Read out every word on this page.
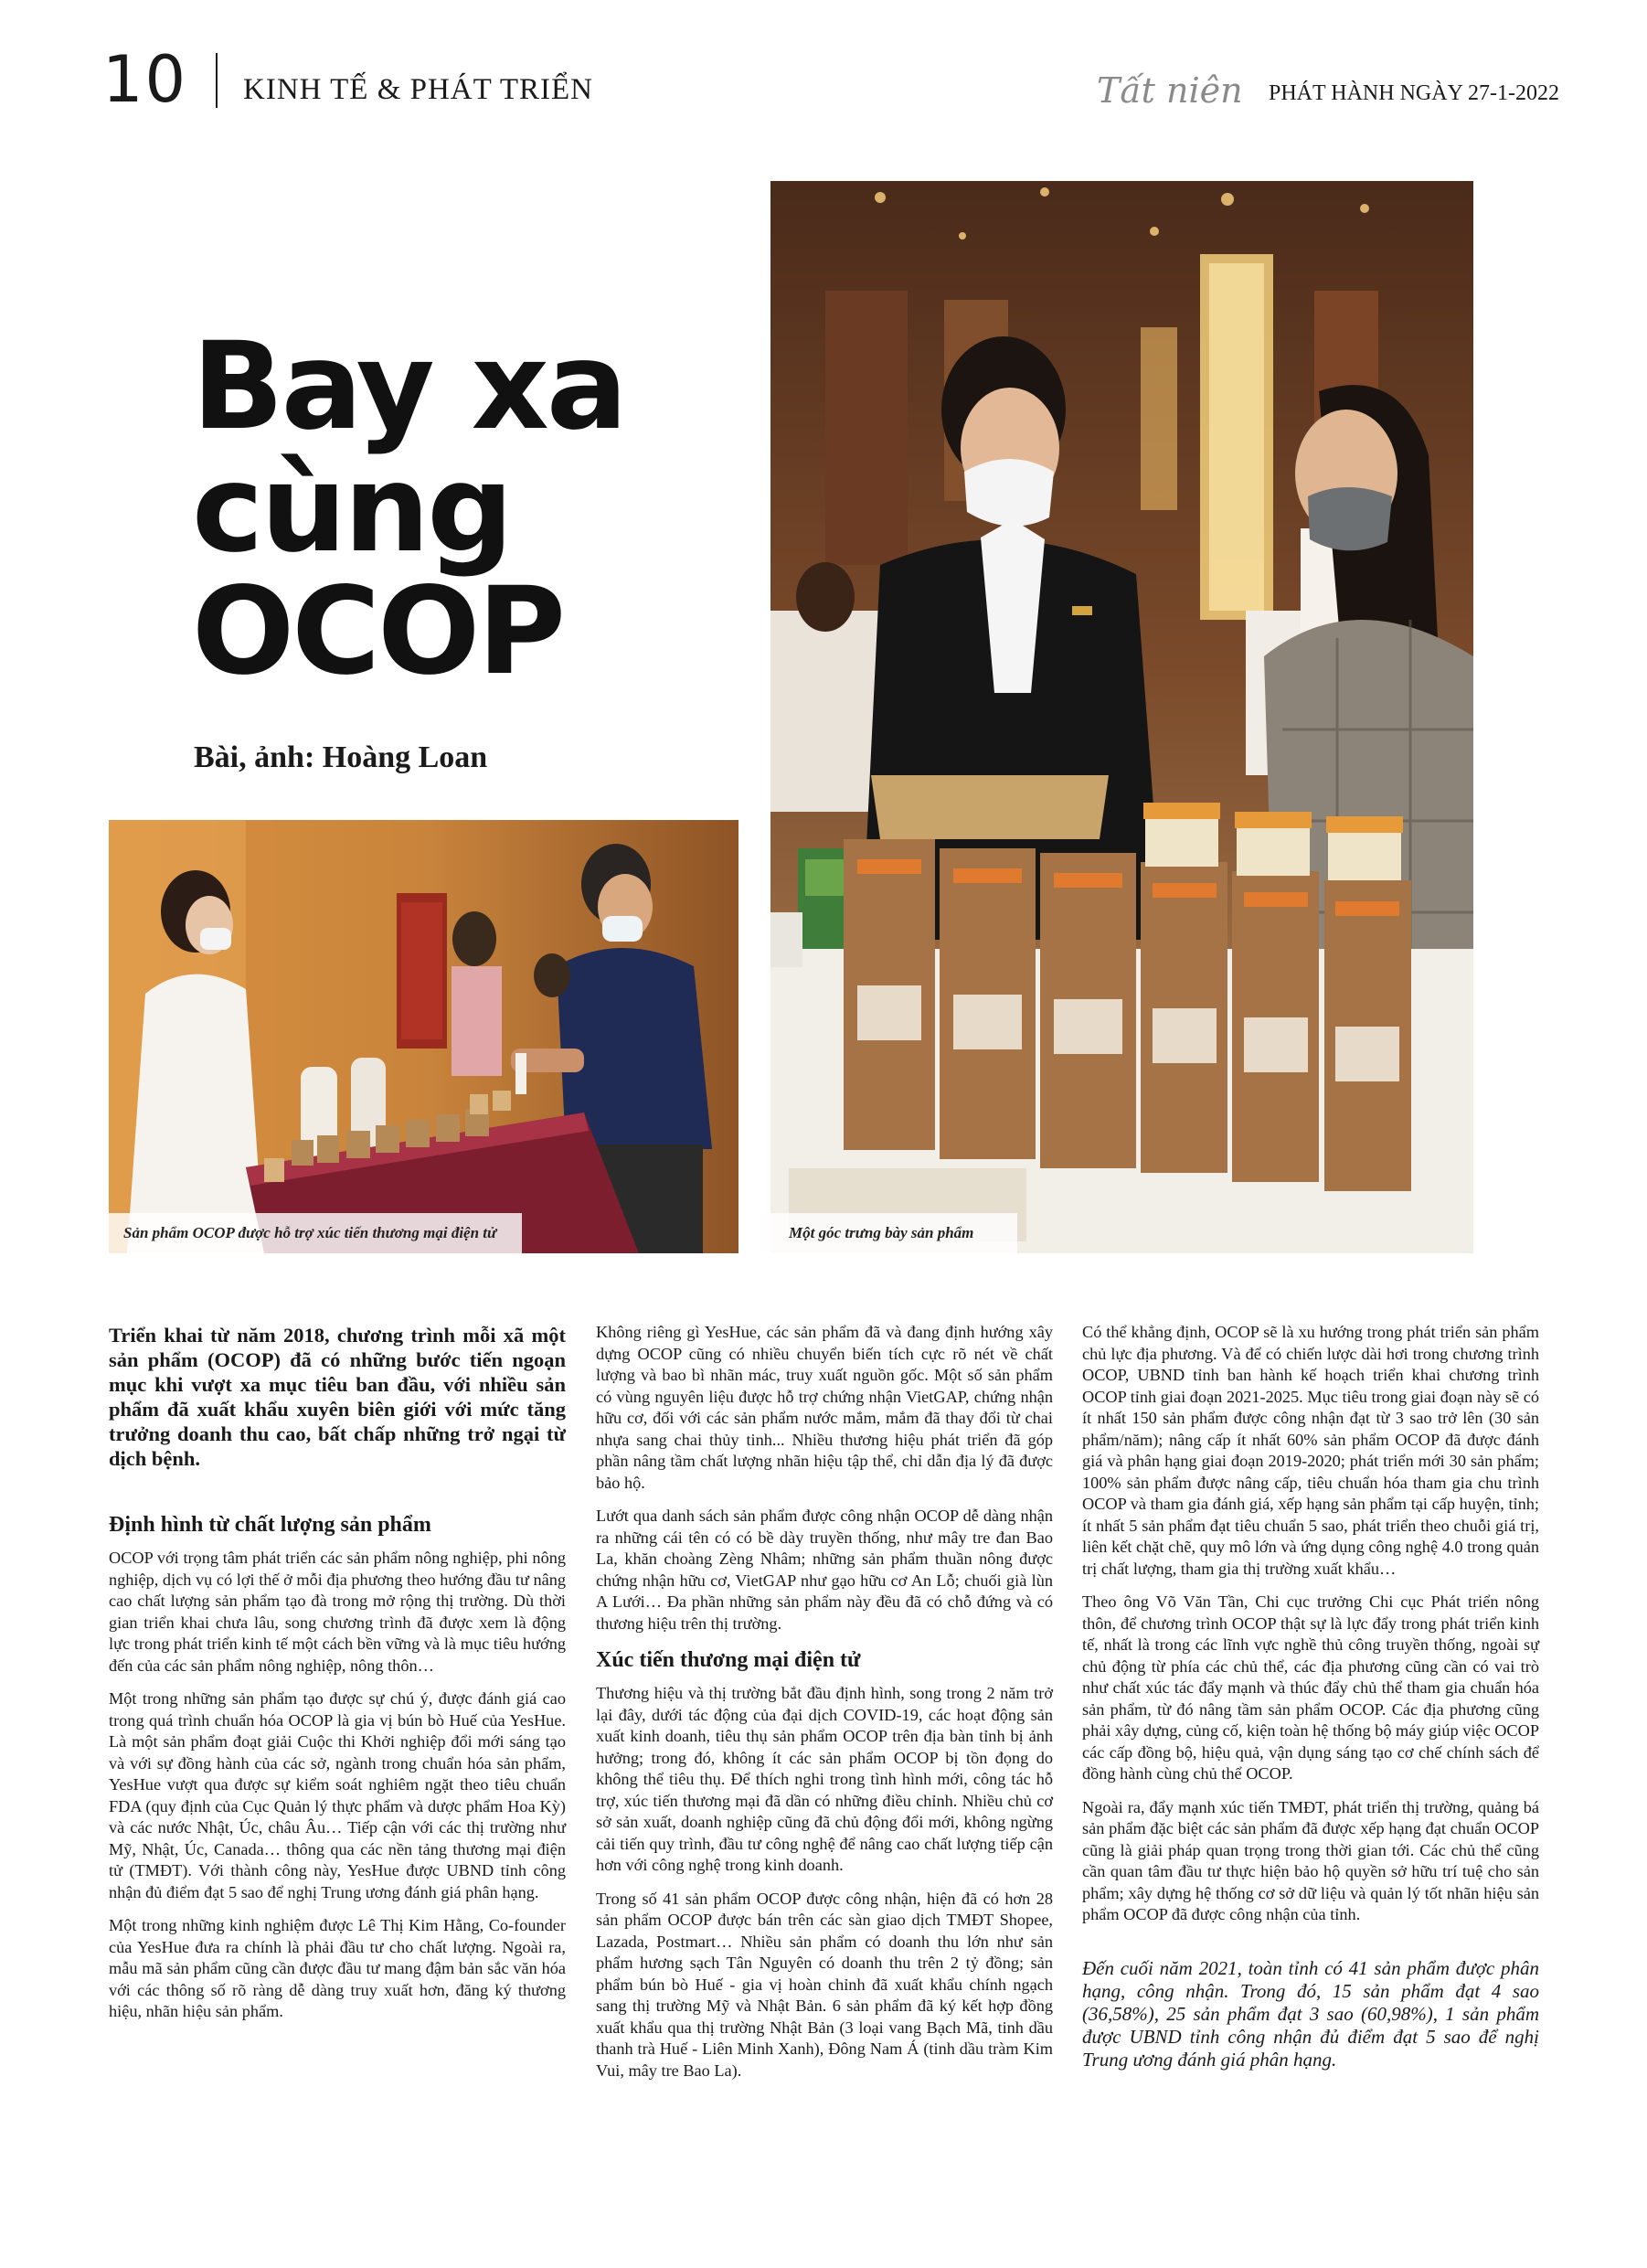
10 KINH TẾ & PHÁT TRIỂN	Tất niên PHÁT HÀNH NGÀY 27-1-2022
Bay xa
cùng
OCOP
Bài, ảnh: Hoàng Loan
Sản phẩm OCOP được hỗ trợ xúc tiến thương mại điện tử	Một góc trưng bày sản phẩm

Triển khai từ năm 2018, chương trình mỗi xã một sản phẩm (OCOP) đã có những bước tiến ngoạn mục khi vượt xa mục tiêu ban đầu, với nhiều sản phẩm đã xuất khẩu xuyên biên giới với mức tăng trưởng doanh thu cao, bất chấp những trở ngại từ dịch bệnh.

Định hình từ chất lượng sản phẩm

OCOP với trọng tâm phát triển các sản phẩm nông nghiệp, phi nông nghiệp, dịch vụ có lợi thế ở mỗi địa phương theo hướng đầu tư nâng cao chất lượng sản phẩm tạo đà trong mở rộng thị trường. Dù thời gian triển khai chưa lâu, song chương trình đã được xem là động lực trong phát triển kinh tế một cách bền vững và là mục tiêu hướng đến của các sản phẩm nông nghiệp, nông thôn…

Một trong những sản phẩm tạo được sự chú ý, được đánh giá cao trong quá trình chuẩn hóa OCOP là gia vị bún bò Huế của YesHue. Là một sản phẩm đoạt giải Cuộc thi Khởi nghiệp đổi mới sáng tạo và với sự đồng hành của các sở, ngành trong chuẩn hóa sản phẩm, YesHue vượt qua được sự kiểm soát nghiêm ngặt theo tiêu chuẩn FDA (quy định của Cục Quản lý thực phẩm và dược phẩm Hoa Kỳ) và các nước Nhật, Úc, châu Âu… Tiếp cận với các thị trường như Mỹ, Nhật, Úc, Canada… thông qua các nền tảng thương mại điện tử (TMĐT). Với thành công này, YesHue được UBND tỉnh công nhận đủ điểm đạt 5 sao để nghị Trung ương đánh giá phân hạng.

Một trong những kinh nghiệm được Lê Thị Kim Hằng, Co-founder của YesHue đưa ra chính là phải đầu tư cho chất lượng. Ngoài ra, mẫu mã sản phẩm cũng cần được đầu tư mang đậm bản sắc văn hóa với các thông số rõ ràng dễ dàng truy xuất hơn, đăng ký thương hiệu, nhãn hiệu sản phẩm.

Không riêng gì YesHue, các sản phẩm đã và đang định hướng xây dựng OCOP cũng có nhiều chuyển biến tích cực rõ nét về chất lượng và bao bì nhãn mác, truy xuất nguồn gốc. Một số sản phẩm có vùng nguyên liệu được hỗ trợ chứng nhận VietGAP, chứng nhận hữu cơ, đối với các sản phẩm nước mắm, mắm đã thay đổi từ chai nhựa sang chai thủy tinh... Nhiều thương hiệu phát triển đã góp phần nâng tầm chất lượng nhãn hiệu tập thể, chỉ dẫn địa lý đã được bảo hộ.

Lướt qua danh sách sản phẩm được công nhận OCOP dễ dàng nhận ra những cái tên có có bề dày truyền thống, như mây tre đan Bao La, khăn choàng Zèng Nhâm; những sản phẩm thuần nông được chứng nhận hữu cơ, VietGAP như gạo hữu cơ An Lỗ; chuối già lùn A Lưới… Đa phần những sản phẩm này đều đã có chỗ đứng và có thương hiệu trên thị trường.

Xúc tiến thương mại điện tử

Thương hiệu và thị trường bắt đầu định hình, song trong 2 năm trở lại đây, dưới tác động của đại dịch COVID-19, các hoạt động sản xuất kinh doanh, tiêu thụ sản phẩm OCOP trên địa bàn tỉnh bị ảnh hưởng; trong đó, không ít các sản phẩm OCOP bị tồn đọng do không thể tiêu thụ. Để thích nghi trong tình hình mới, công tác hỗ trợ, xúc tiến thương mại đã dần có những điều chỉnh. Nhiều chủ cơ sở sản xuất, doanh nghiệp cũng đã chủ động đổi mới, không ngừng cải tiến quy trình, đầu tư công nghệ để nâng cao chất lượng tiếp cận hơn với công nghệ trong kinh doanh.

Trong số 41 sản phẩm OCOP được công nhận, hiện đã có hơn 28 sản phẩm OCOP được bán trên các sàn giao dịch TMĐT Shopee, Lazada, Postmart… Nhiều sản phẩm có doanh thu lớn như sản phẩm hương sạch Tân Nguyên có doanh thu trên 2 tỷ đồng; sản phẩm bún bò Huế - gia vị hoàn chỉnh đã xuất khẩu chính ngạch sang thị trường Mỹ và Nhật Bản. 6 sản phẩm đã ký kết hợp đồng xuất khẩu qua thị trường Nhật Bản (3 loại vang Bạch Mã, tinh dầu thanh trà Huế - Liên Minh Xanh), Đông Nam Á (tinh dầu tràm Kim Vui, mây tre Bao La).

Có thể khẳng định, OCOP sẽ là xu hướng trong phát triển sản phẩm chủ lực địa phương. Và để có chiến lược dài hơi trong chương trình OCOP, UBND tỉnh ban hành kế hoạch triển khai chương trình OCOP tỉnh giai đoạn 2021-2025. Mục tiêu trong giai đoạn này sẽ có ít nhất 150 sản phẩm được công nhận đạt từ 3 sao trở lên (30 sản phẩm/năm); nâng cấp ít nhất 60% sản phẩm OCOP đã được đánh giá và phân hạng giai đoạn 2019-2020; phát triển mới 30 sản phẩm; 100% sản phẩm được nâng cấp, tiêu chuẩn hóa tham gia chu trình OCOP và tham gia đánh giá, xếp hạng sản phẩm tại cấp huyện, tỉnh; ít nhất 5 sản phẩm đạt tiêu chuẩn 5 sao, phát triển theo chuỗi giá trị, liên kết chặt chẽ, quy mô lớn và ứng dụng công nghệ 4.0 trong quản trị chất lượng, tham gia thị trường xuất khẩu…

Theo ông Võ Văn Tần, Chi cục trưởng Chi cục Phát triển nông thôn, để chương trình OCOP thật sự là lực đẩy trong phát triển kinh tế, nhất là trong các lĩnh vực nghề thủ công truyền thống, ngoài sự chủ động từ phía các chủ thể, các địa phương cũng cần có vai trò như chất xúc tác đẩy mạnh và thúc đẩy chủ thể tham gia chuẩn hóa sản phẩm, từ đó nâng tầm sản phẩm OCOP. Các địa phương cũng phải xây dựng, củng cố, kiện toàn hệ thống bộ máy giúp việc OCOP các cấp đồng bộ, hiệu quả, vận dụng sáng tạo cơ chế chính sách để đồng hành cùng chủ thể OCOP.

Ngoài ra, đẩy mạnh xúc tiến TMĐT, phát triển thị trường, quảng bá sản phẩm đặc biệt các sản phẩm đã được xếp hạng đạt chuẩn OCOP cũng là giải pháp quan trọng trong thời gian tới. Các chủ thể cũng cần quan tâm đầu tư thực hiện bảo hộ quyền sở hữu trí tuệ cho sản phẩm; xây dựng hệ thống cơ sở dữ liệu và quản lý tốt nhãn hiệu sản phẩm OCOP đã được công nhận của tỉnh.

Đến cuối năm 2021, toàn tỉnh có 41 sản phẩm được phân hạng, công nhận. Trong đó, 15 sản phẩm đạt 4 sao (36,58%), 25 sản phẩm đạt 3 sao (60,98%), 1 sản phẩm được UBND tỉnh công nhận đủ điểm đạt 5 sao để nghị Trung ương đánh giá phân hạng.
